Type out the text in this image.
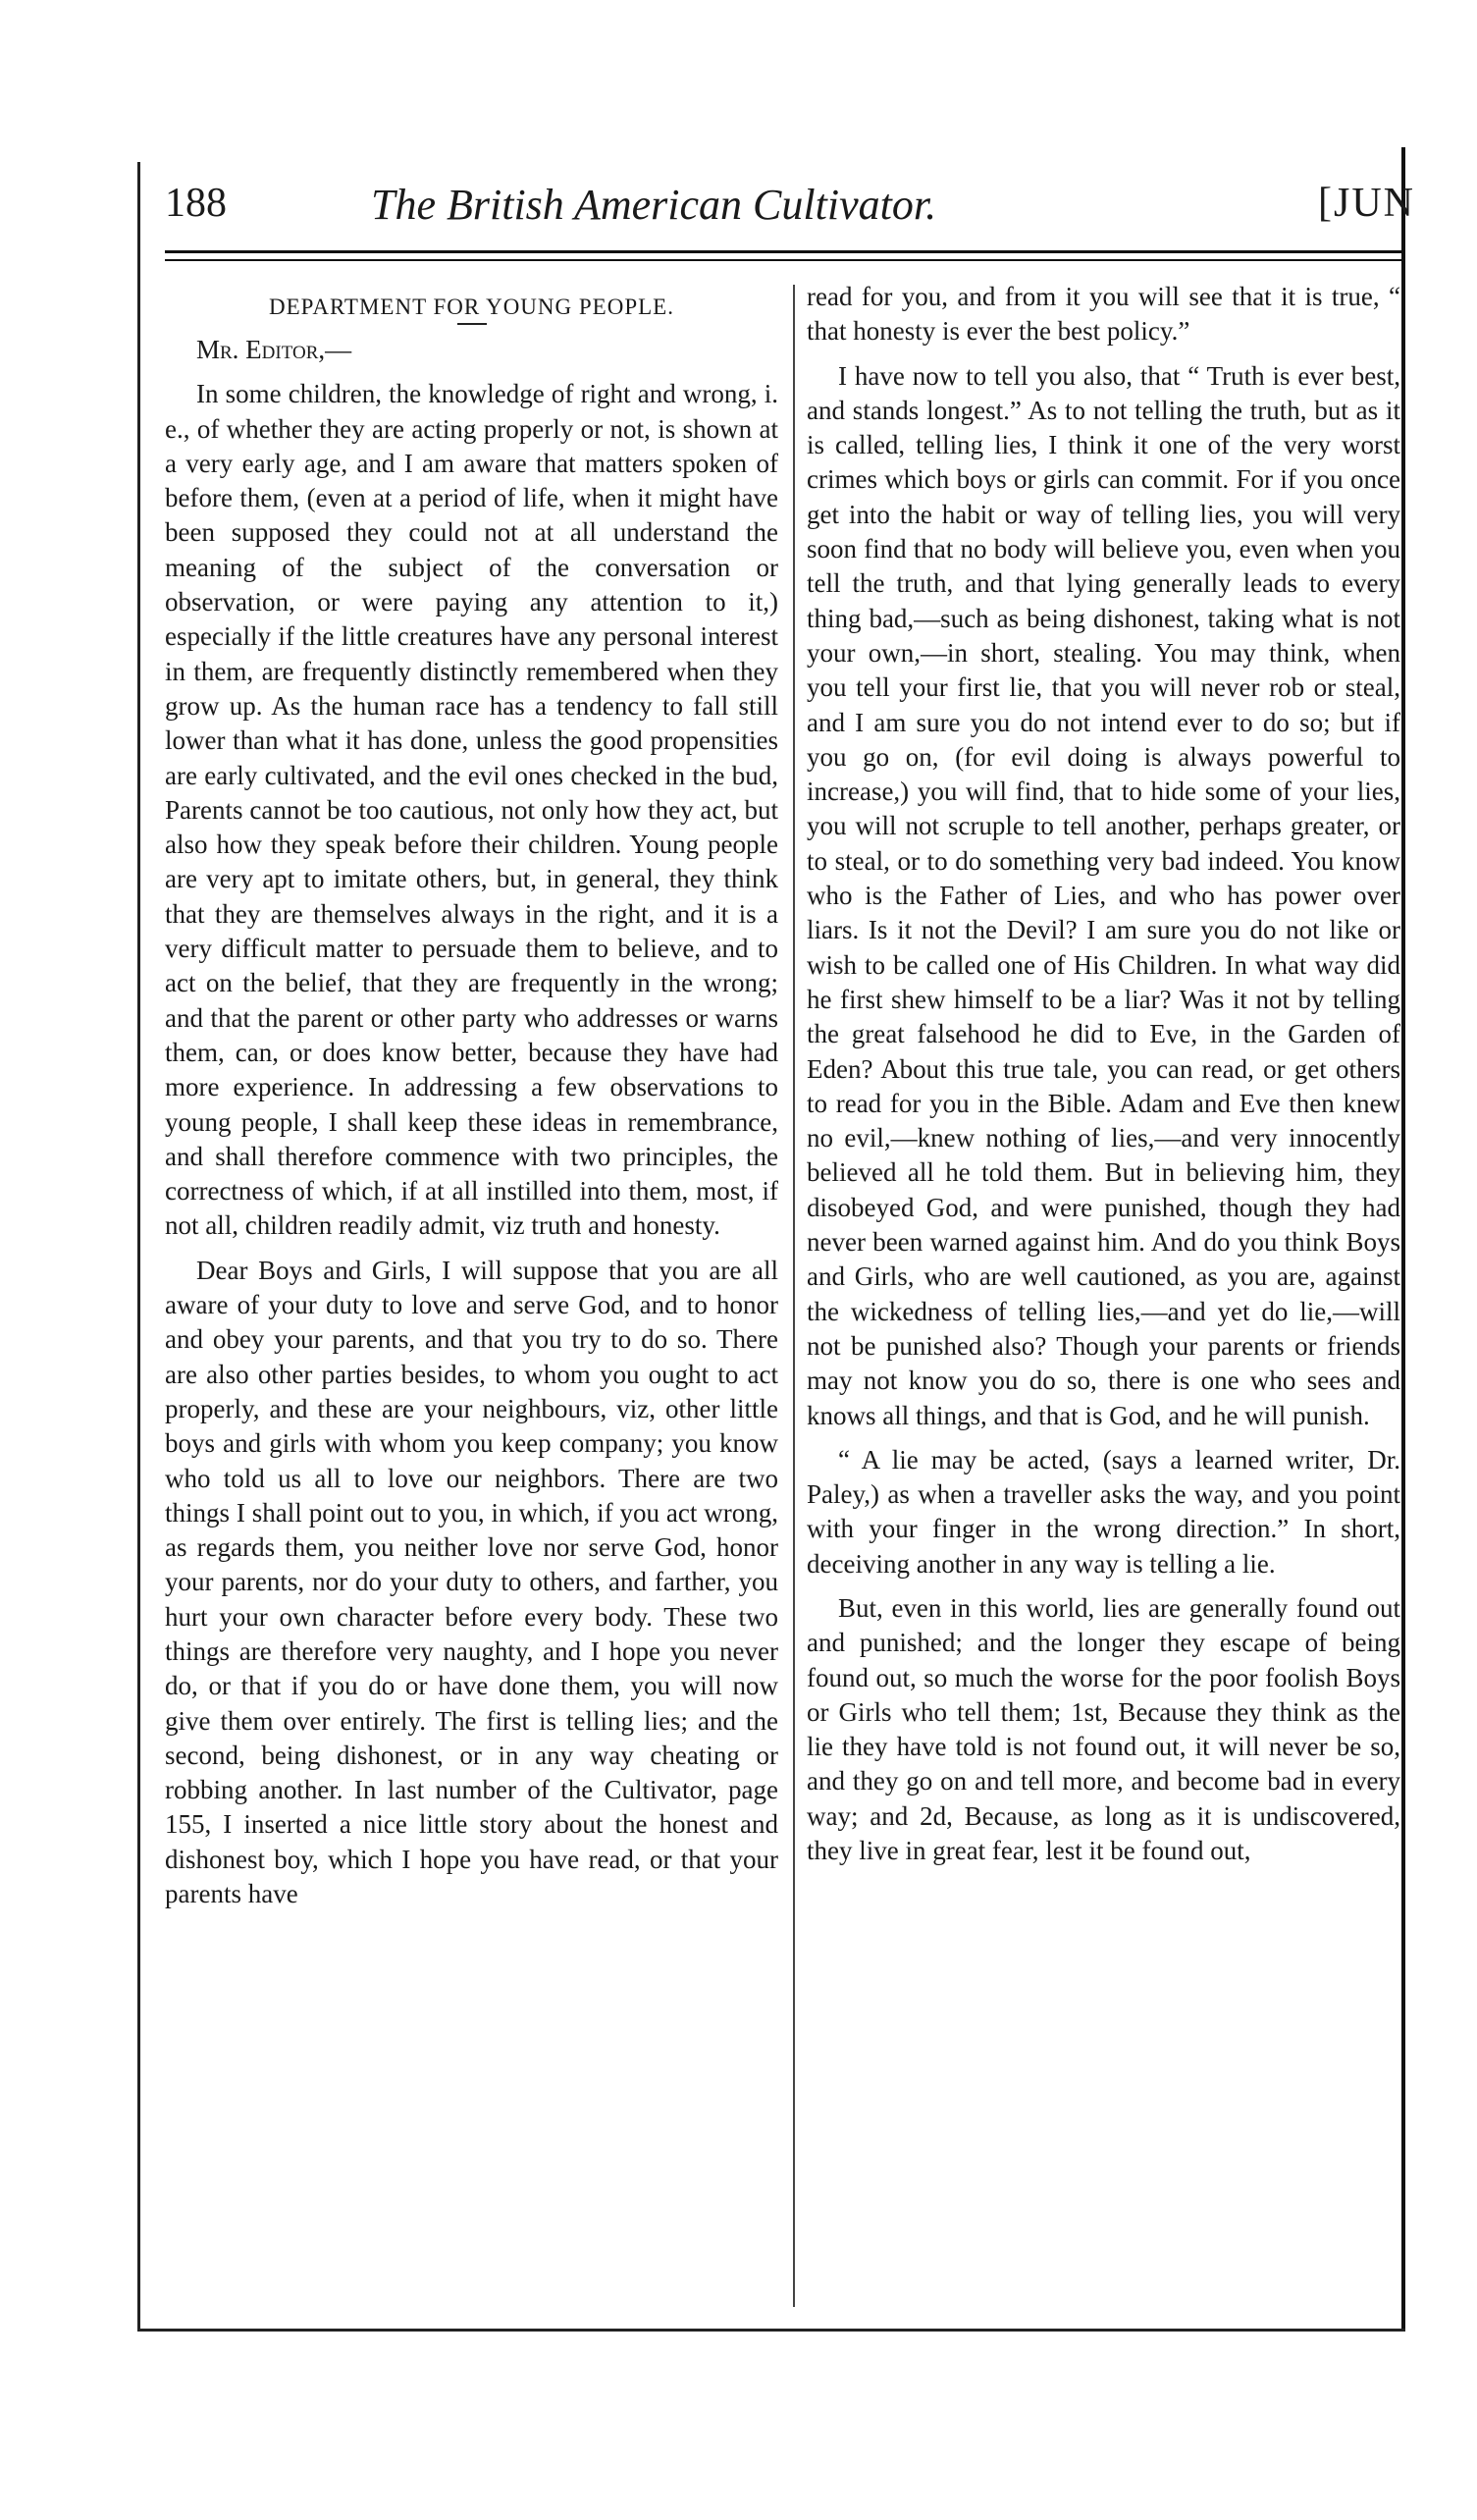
188	The British American Cultivator.	[JUN
DEPARTMENT FOR YOUNG PEOPLE.

Mr. Editor,—

In some children, the knowledge of right and wrong, i. e., of whether they are acting properly or not, is shown at a very early age, and I am aware that matters spoken of before them, (even at a period of life, when it might have been supposed they could not at all understand the meaning of the subject of the conversation or observation, or were paying any attention to it,) especially if the little creatures have any personal interest in them, are frequently distinctly remembered when they grow up. As the human race has a tendency to fall still lower than what it has done, unless the good propensities are early cultivated, and the evil ones checked in the bud, Parents cannot be too cautious, not only how they act, but also how they speak before their children. Young people are very apt to imitate others, but, in general, they think that they are themselves always in the right, and it is a very difficult matter to persuade them to believe, and to act on the belief, that they are frequently in the wrong; and that the parent or other party who addresses or warns them, can, or does know better, because they have had more experience. In addressing a few observations to young people, I shall keep these ideas in remembrance, and shall therefore commence with two principles, the correctness of which, if at all instilled into them, most, if not all, children readily admit, viz truth and honesty.

Dear Boys and Girls, I will suppose that you are all aware of your duty to love and serve God, and to honor and obey your parents, and that you try to do so. There are also other parties besides, to whom you ought to act properly, and these are your neighbours, viz, other little boys and girls with whom you keep company; you know who told us all to love our neighbors. There are two things I shall point out to you, in which, if you act wrong, as regards them, you neither love nor serve God, honor your parents, nor do your duty to others, and farther, you hurt your own character before every body. These two things are therefore very naughty, and I hope you never do, or that if you do or have done them, you will now give them over entirely. The first is telling lies; and the second, being dishonest, or in any way cheating or robbing another. In last number of the Cultivator, page 155, I inserted a nice little story about the honest and dishonest boy, which I hope you have read, or that your parents have

read for you, and from it you will see that it is true, “ that honesty is ever the best policy.”

I have now to tell you also, that “ Truth is ever best, and stands longest.” As to not telling the truth, but as it is called, telling lies, I think it one of the very worst crimes which boys or girls can commit. For if you once get into the habit or way of telling lies, you will very soon find that no body will believe you, even when you tell the truth, and that lying generally leads to every thing bad,—such as being dishonest, taking what is not your own,—in short, stealing. You may think, when you tell your first lie, that you will never rob or steal, and I am sure you do not intend ever to do so; but if you go on, (for evil doing is always powerful to increase,) you will find, that to hide some of your lies, you will not scruple to tell another, perhaps greater, or to steal, or to do something very bad indeed. You know who is the Father of Lies, and who has power over liars. Is it not the Devil? I am sure you do not like or wish to be called one of His Children. In what way did he first shew himself to be a liar? Was it not by telling the great falsehood he did to Eve, in the Garden of Eden? About this true tale, you can read, or get others to read for you in the Bible. Adam and Eve then knew no evil,—knew nothing of lies,—and very innocently believed all he told them. But in believing him, they disobeyed God, and were punished, though they had never been warned against him. And do you think Boys and Girls, who are well cautioned, as you are, against the wickedness of telling lies,—and yet do lie,—will not be punished also? Though your parents or friends may not know you do so, there is one who sees and knows all things, and that is God, and he will punish.

“ A lie may be acted, (says a learned writer, Dr. Paley,) as when a traveller asks the way, and you point with your finger in the wrong direction.” In short, deceiving another in any way is telling a lie.

But, even in this world, lies are generally found out and punished; and the longer they escape of being found out, so much the worse for the poor foolish Boys or Girls who tell them; 1st, Because they think as the lie they have told is not found out, it will never be so, and they go on and tell more, and become bad in every way; and 2d, Because, as long as it is undiscovered, they live in great fear, lest it be found out,
